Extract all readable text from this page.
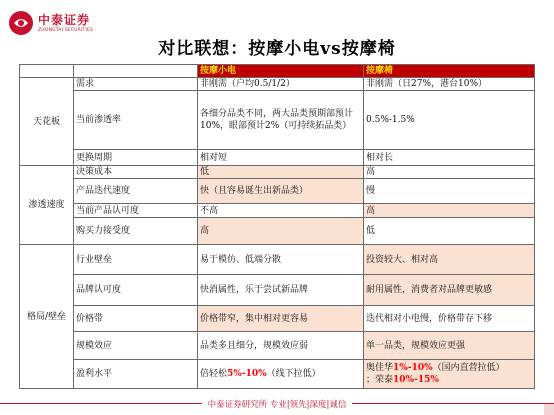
中泰证券
ZHONGTAI SECURITIES
对比联想：按摩小电vs按摩椅
		按摩小电	按摩椅
天花板	需求	非刚需（户均0.5/1/2）	非刚需（日27%，港台10%）
	当前渗透率	各细分品类不同，两大品类预期部预计10%，眼部预计2%（可持续拓品类）	0.5%-1.5%
	更换周期	相对短	相对长
渗透速度	决策成本	低	高
	产品迭代速度	快（且容易诞生出新品类）	慢
	当前产品认可度	不高	高
	购买力接受度	高	低
格局/壁垒	行业壁垒	易于模仿、低端分散	投资较大、相对高
	品牌认可度	快消属性，乐于尝试新品牌	耐用属性，消费者对品牌更敏感
	价格带	价格带窄，集中相对更容易	迭代相对小电慢，价格带存下移
	规模效应	品类多且细分，规模效应弱	单一品类，规模效应更强
	盈利水平	倍轻松5%-10%（线下拉低）	奥佳华1%-10%（国内直营拉低）
；荣泰10%-15%
中泰证券研究所 专业|领先|深度|诚信
